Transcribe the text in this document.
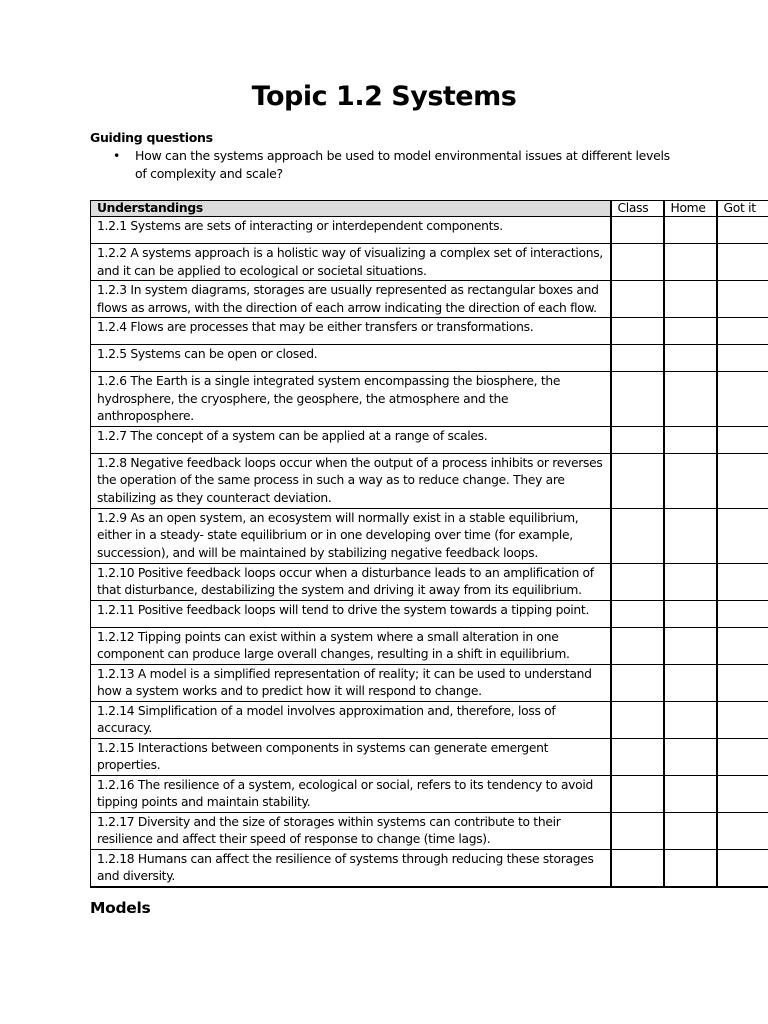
Topic 1.2 Systems
Guiding questions
• How can the systems approach be used to model environmental issues at different levels of complexity and scale?
Understandings	Class	Home	Got it
1.2.1 Systems are sets of interacting or interdependent components.			
1.2.2 A systems approach is a holistic way of visualizing a complex set of interactions, and it can be applied to ecological or societal situations.			
1.2.3 In system diagrams, storages are usually represented as rectangular boxes and flows as arrows, with the direction of each arrow indicating the direction of each flow.			
1.2.4 Flows are processes that may be either transfers or transformations.			
1.2.5 Systems can be open or closed.			
1.2.6 The Earth is a single integrated system encompassing the biosphere, the hydrosphere, the cryosphere, the geosphere, the atmosphere and the anthroposphere.			
1.2.7 The concept of a system can be applied at a range of scales.			
1.2.8 Negative feedback loops occur when the output of a process inhibits or reverses the operation of the same process in such a way as to reduce change. They are stabilizing as they counteract deviation.			
1.2.9 As an open system, an ecosystem will normally exist in a stable equilibrium, either in a steady- state equilibrium or in one developing over time (for example, succession), and will be maintained by stabilizing negative feedback loops.			
1.2.10 Positive feedback loops occur when a disturbance leads to an amplification of that disturbance, destabilizing the system and driving it away from its equilibrium.			
1.2.11 Positive feedback loops will tend to drive the system towards a tipping point.			
1.2.12 Tipping points can exist within a system where a small alteration in one component can produce large overall changes, resulting in a shift in equilibrium.			
1.2.13 A model is a simplified representation of reality; it can be used to understand how a system works and to predict how it will respond to change.			
1.2.14 Simplification of a model involves approximation and, therefore, loss of accuracy.			
1.2.15 Interactions between components in systems can generate emergent properties.			
1.2.16 The resilience of a system, ecological or social, refers to its tendency to avoid tipping points and maintain stability.			
1.2.17 Diversity and the size of storages within systems can contribute to their resilience and affect their speed of response to change (time lags).			
1.2.18 Humans can affect the resilience of systems through reducing these storages and diversity.			
Models
